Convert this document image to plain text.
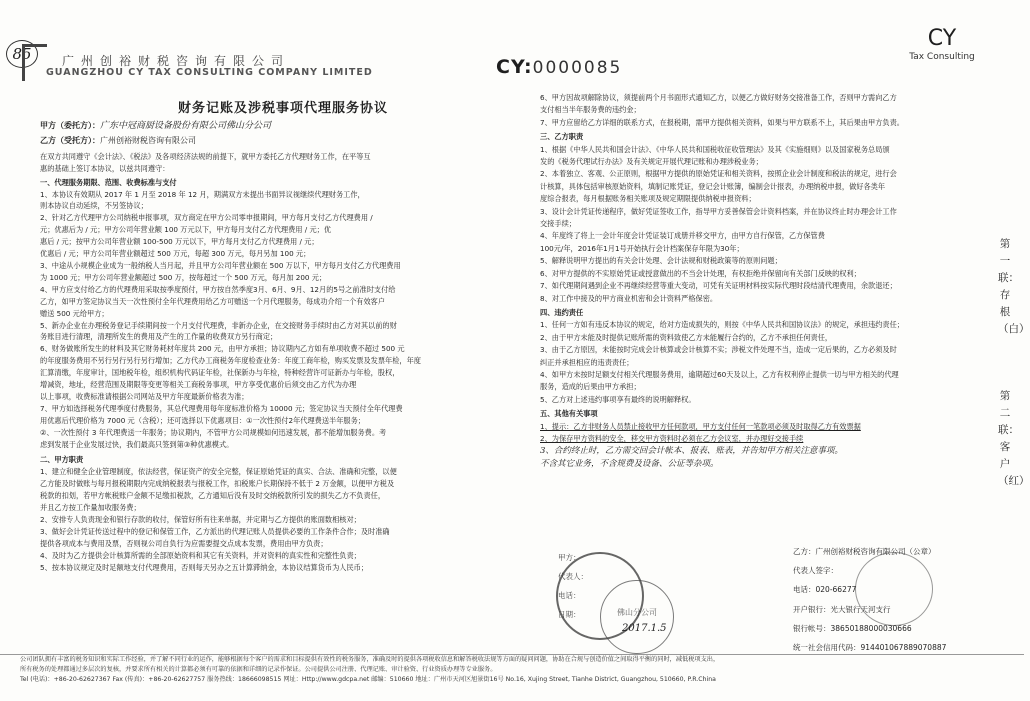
85	广州创裕财税咨询有限公司
GUANGZHOU CY TAX CONSULTING COMPANY LIMITED	CY:0000085
CY
Tax Consulting
财务记账及涉税事项代理服务协议
甲方（委托方）：广东中冠商厨设备股份有限公司佛山分公司
乙方（受托方）：广州创裕财税咨询有限公司
在双方共同遵守《会计法》、《税法》及各项经济法规的前提下，就甲方委托乙方代理财务工作，在平等互
惠的基础上签订本协议，以兹共同遵守：
一、代理服务期限、范围、收费标准与支付
1、本协议有效期从 2017 年 1 月至 2018 年 12 月，期满双方未提出书面异议视继续代理财务工作，
则本协议自动延续，不另签协议；
2、针对乙方代理甲方公司纳税申报事项，双方商定在甲方公司零申报期间，甲方每月支付乙方代理费用 /
元；优惠后为 / 元；甲方公司年营业额 100 万元以下，甲方每月支付乙方代理费用 / 元；优
惠后 / 元；按甲方公司年营业额 100-500 万元以下，甲方每月支付乙方代理费用 / 元；
优惠后 / 元；甲方公司年营业额超过 500 万元，每超 300 万元，每月另加 100 元；
3、中途从小规模企业成为一般纳税人当月起，并且甲方公司年营业额在 500 万以下，甲方每月支付乙方代理费用
为 1000 元；甲方公司年营业额超过 500 万，按每超过一个 500 万元，每月加 200 元；
4、甲方应支付给乙方的代理费用采取按季度预付，甲方按自然季度3月、6月、9月、12月的5号之前准时支付给
乙方，如甲方签定协议当天一次性预付全年代理费用给乙方可赠送一个月代理服务，每成功介绍一个有效客户
赠送 500 元给甲方；
5、新办企业在办理税务登记手续期间按一个月支付代理费，非新办企业，在交接财务手续时由乙方对其以前的财
务账目进行清理，清理所发生的费用及产生的工作量的收费双方另行商定；
6、财务做账所发生的材料及其它财务耗材年度共 200 元，由甲方承担；协议期内乙方如有单项收费不超过 500 元
的年度服务费用不另行另行另行另行增加；乙方代办工商税务年度检查业务：年度工商年检，购买发票及发票年检，年度
汇算清缴，年度审计，国地税年检，组织机构代码证年检，社保新办与年检，特种经营许可证新办与年检，股权，
增减资，地址，经营范围及期限等变更等相关工商税务事项，甲方享受优惠价后须交由乙方代为办理
以上事项，收费标准请根据公司网站及甲方年度最新价格表为准；
7、甲方如选择税务代理季度付费服务，其总代理费用每年度标准价格为 10000 元；签定协议当天预付全年代理费
用优惠后代理价格为 7000 元（含税）；还可选择以下优惠项目：①一次性预付2年代理费送半年服务；
②、一次性预付 3 年代理费送一年服务；协议期内，不管甲方公司规模如何迅速发展，都不能增加服务费。考
虑到发展于企业发展过快，我们最高只签到第③种优惠模式。
二、甲方职责
1、建立和健全企业管理制度，依法经营，保证资产的安全完整，保证原始凭证的真实、合法、准确和完整，以便
乙方能及时做账与每月报税期限内完成纳税报表与报税工作，扣税账户长期保持不低于 2 万金额，以便甲方税及
税款的扣划，若甲方帐税账户金额不足缴扣税款，乙方通知后没有及时交纳税款所引发的损失乙方不负责任，
并且乙方按工作量加收服务费；
2、安排专人负责现金和银行存款的收付，保管好所有往来单据，并定期与乙方提供的账面数相核对；
3、做好会计凭证传送过程中的登记和保管工作，乙方派出的代理记账人员提供必要的工作条件合作；及时准确
提供各项成本与费用及票，否则视公司自负行为应需要提交点成本发票，费用由甲方负责；
4、及时为乙方提供会计核算所需的全部原始资料和其它有关资料，并对资料的真实性和完整性负责；
5、按本协议规定及时足额地支付代理费用，否则每天另办之五计算滞纳金，本协议结算货币为人民币；
6、甲方因故项解除协议，须提前两个月书面形式通知乙方，以便乙方做好财务交接准备工作，否则甲方需向乙方
支付相当半年服务费的违约金；
7、甲方应留给乙方详细的联系方式，在报税期，需甲方提供相关资料，如果与甲方联系不上，其后果由甲方负责。
三、乙方职责
1、根据《中华人民共和国会计法》、《中华人民共和国税收征收管理法》及其《实施细则》以及国家税务总局颁
发的《税务代理试行办法》及有关规定开展代理记账和办理涉税业务；
2、本着独立、客观、公正原则，根据甲方提供的原始凭证和相关资料，按照企业会计制度和税法的规定，进行会
计核算，具体包括审核原始资料，填制记账凭证，登记会计账簿，编制会计报表，办理纳税申报，做好各类年
度综合报表，每月根据账务相关账项及规定期限提供纳税申报资料；
3、设计会计凭证传递程序，做好凭证签收工作，指导甲方妥善保管会计资料档案，并在协议终止时办理会计工作
交接手续；
4、年度终了将上一会计年度会计凭证装订成册并移交甲方，由甲方自行保管，乙方保管费
100元/年，2016年1月1号开始执行会计档案保存年限为30年；
5、解释说明甲方提出的有关会计处理、会计法规和财税政策等的原则问题；
6、对甲方提供的不实原始凭证或授意做出的不当会计处理，有权拒绝并保留向有关部门反映的权利；
7、如代理期间遇到企业不再继续经营等重大变动，可凭有关证明材料按实际代理时段结清代理费用，余款退还；
8、对工作中接及的甲方商业机密和会计资料严格保密。
四、违约责任
1、任何一方如有违反本协议的规定，给对方造成损失的，则按《中华人民共和国协议法》的规定，承担违约责任；
2、由于甲方未能及时提供记账所需的资料致使乙方未能履行合约的，乙方不承担任何责任，
3、由于乙方原因，未能按时完成会计核算或会计核算不实；涉税文件处理不当，造成一定后果的，乙方必须及时
纠正并承担相应的违责责任；
4、如甲方未按时足额支付相关代理服务费用，逾期超过60天及以上，乙方有权利停止提供一切与甲方相关的代理
服务，造成的后果由甲方承担；
5、乙方对上述违约事项享有最终的说明解释权。
五、其他有关事项
1、提示：乙方非财务人员禁止接收甲方任何款项，甲方支付任何一笔款项必须及时取得乙方有效票据
2、为保存甲方资料的安全，移交甲方资料时必须在乙方会议室，并办理好交接手续
3、合约终止时，乙方需交回会计帐本、报表、账表，并告知甲方相关注意事项。
不含其它业务，不含规费及设备、公证等杂项。
佛山分公司
甲方：
代表人：
电话：
日期：
2017.1.5
乙方：广州创裕财税咨询有限公司（公章）
代表人签字：
电话：020-66277
开户银行：光大银行天河支行
银行帐号：38650188000030666
统一社会信用代码：91440106788907088​7
第一联：存根（白）
第二联：客户（红）
公司团队拥有丰富的税务知识和实际工作经验，并了解不同行业的运作，能够根据每个客户的需求和目标提供有效性的税务服务，准确及时的提供各项税收信息和解答税收法规等方面的疑问问题，协助在合规与创造价值之间取得平衡的同时，减低税项支出，
所有税务的处理都通过多层次的复核，并要求所有相关的计算都必须有可靠的依据和详细的记录作保证。公司提供公司注册、代理记账、审计验资、行业资质办理等专业服务。
Tel (电话)：+86-20-62627367 Fax (传真)：+86-20-62627757 服务热线：18666098515 网址：Http://www.gdcpa.net 邮编：510660 地址：广州市天河区旭景街16号 No.16, Xujing Street, Tianhe District, Guangzhou, 510660, P.R.China
